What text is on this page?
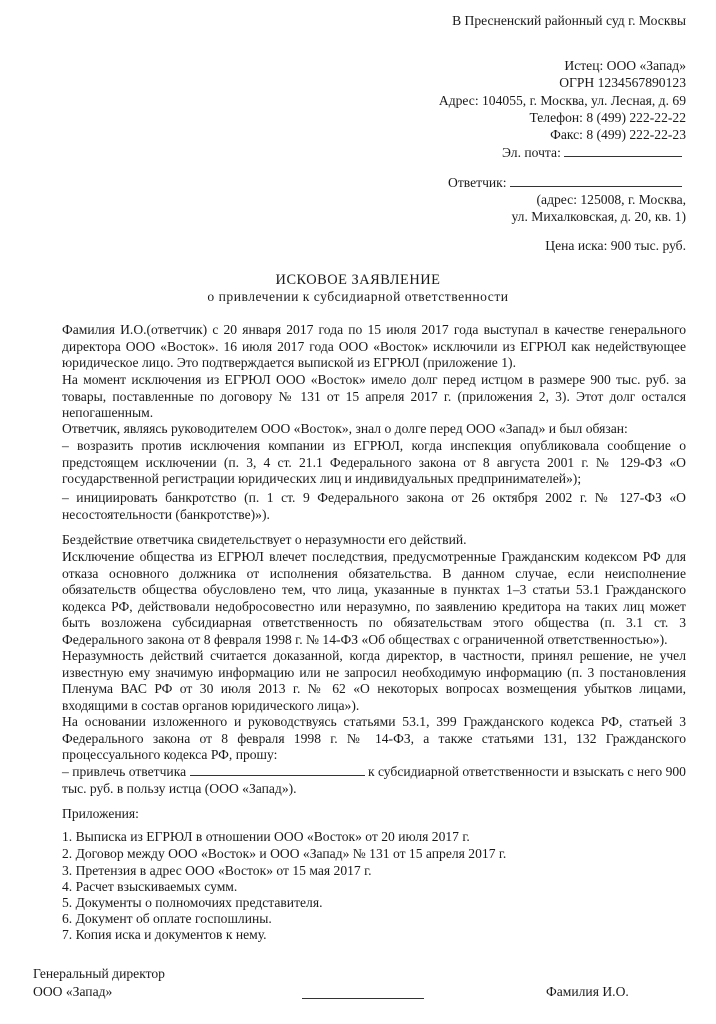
В Пресненский районный суд г. Москвы
Истец: ООО «Запад»
ОГРН 1234567890123
Адрес: 104055, г. Москва, ул. Лесная, д. 69
Телефон: 8 (499) 222-22-22
Факс: 8 (499) 222-22-23
Эл. почта:
Ответчик:
(адрес: 125008, г. Москва,
ул. Михалковская, д. 20, кв. 1)
Цена иска: 900 тыс. руб.
ИСКОВОЕ ЗАЯВЛЕНИЕ
о привлечении к субсидиарной ответственности
Фамилия И.О.(ответчик) с 20 января 2017 года по 15 июля 2017 года выступал в качестве генерального директора ООО «Восток». 16 июля 2017 года ООО «Восток» исключили из ЕГРЮЛ как недействующее юридическое лицо. Это подтверждается выпиской из ЕГРЮЛ (приложение 1).
На момент исключения из ЕГРЮЛ ООО «Восток» имело долг перед истцом в размере 900 тыс. руб. за товары, поставленные по договору № 131 от 15 апреля 2017 г. (приложения 2, 3). Этот долг остался непогашенным.
Ответчик, являясь руководителем ООО «Восток», знал о долге перед ООО «Запад» и был обязан:
– возразить против исключения компании из ЕГРЮЛ, когда инспекция опубликовала сообщение о предстоящем исключении (п. 3, 4 ст. 21.1 Федерального закона от 8 августа 2001 г. № 129-ФЗ «О государственной регистрации юридических лиц и индивидуальных предпринимателей»);
– инициировать банкротство (п. 1 ст. 9 Федерального закона от 26 октября 2002 г. № 127-ФЗ «О несостоятельности (банкротстве)»).
Бездействие ответчика свидетельствует о неразумности его действий.
Исключение общества из ЕГРЮЛ влечет последствия, предусмотренные Гражданским кодексом РФ для отказа основного должника от исполнения обязательства. В данном случае, если неисполнение обязательств общества обусловлено тем, что лица, указанные в пунктах 1–3 статьи 53.1 Гражданского кодекса РФ, действовали недобросовестно или неразумно, по заявлению кредитора на таких лиц может быть возложена субсидиарная ответственность по обязательствам этого общества (п. 3.1 ст. 3 Федерального закона от 8 февраля 1998 г. № 14-ФЗ «Об обществах с ограниченной ответственностью»).
Неразумность действий считается доказанной, когда директор, в частности, принял решение, не учел известную ему значимую информацию или не запросил необходимую информацию (п. 3 постановления Пленума ВАС РФ от 30 июля 2013 г. № 62 «О некоторых вопросах возмещения убытков лицами, входящими в состав органов юридического лица»).
На основании изложенного и руководствуясь статьями 53.1, 399 Гражданского кодекса РФ, статьей 3 Федерального закона от 8 февраля 1998 г. № 14-ФЗ, а также статьями 131, 132 Гражданского процессуального кодекса РФ, прошу:
– привлечь ответчика	к субсидиарной ответственности и взыскать с него 900 тыс. руб. в пользу истца (ООО «Запад»).
Приложения:
1. Выписка из ЕГРЮЛ в отношении ООО «Восток» от 20 июля 2017 г.
2. Договор между ООО «Восток» и ООО «Запад» № 131 от 15 апреля 2017 г.
3. Претензия в адрес ООО «Восток» от 15 мая 2017 г.
4. Расчет взыскиваемых сумм.
5. Документы о полномочиях представителя.
6. Документ об оплате госпошлины.
7. Копия иска и документов к нему.
Генеральный директор
ООО «Запад»	Фамилия И.О.
